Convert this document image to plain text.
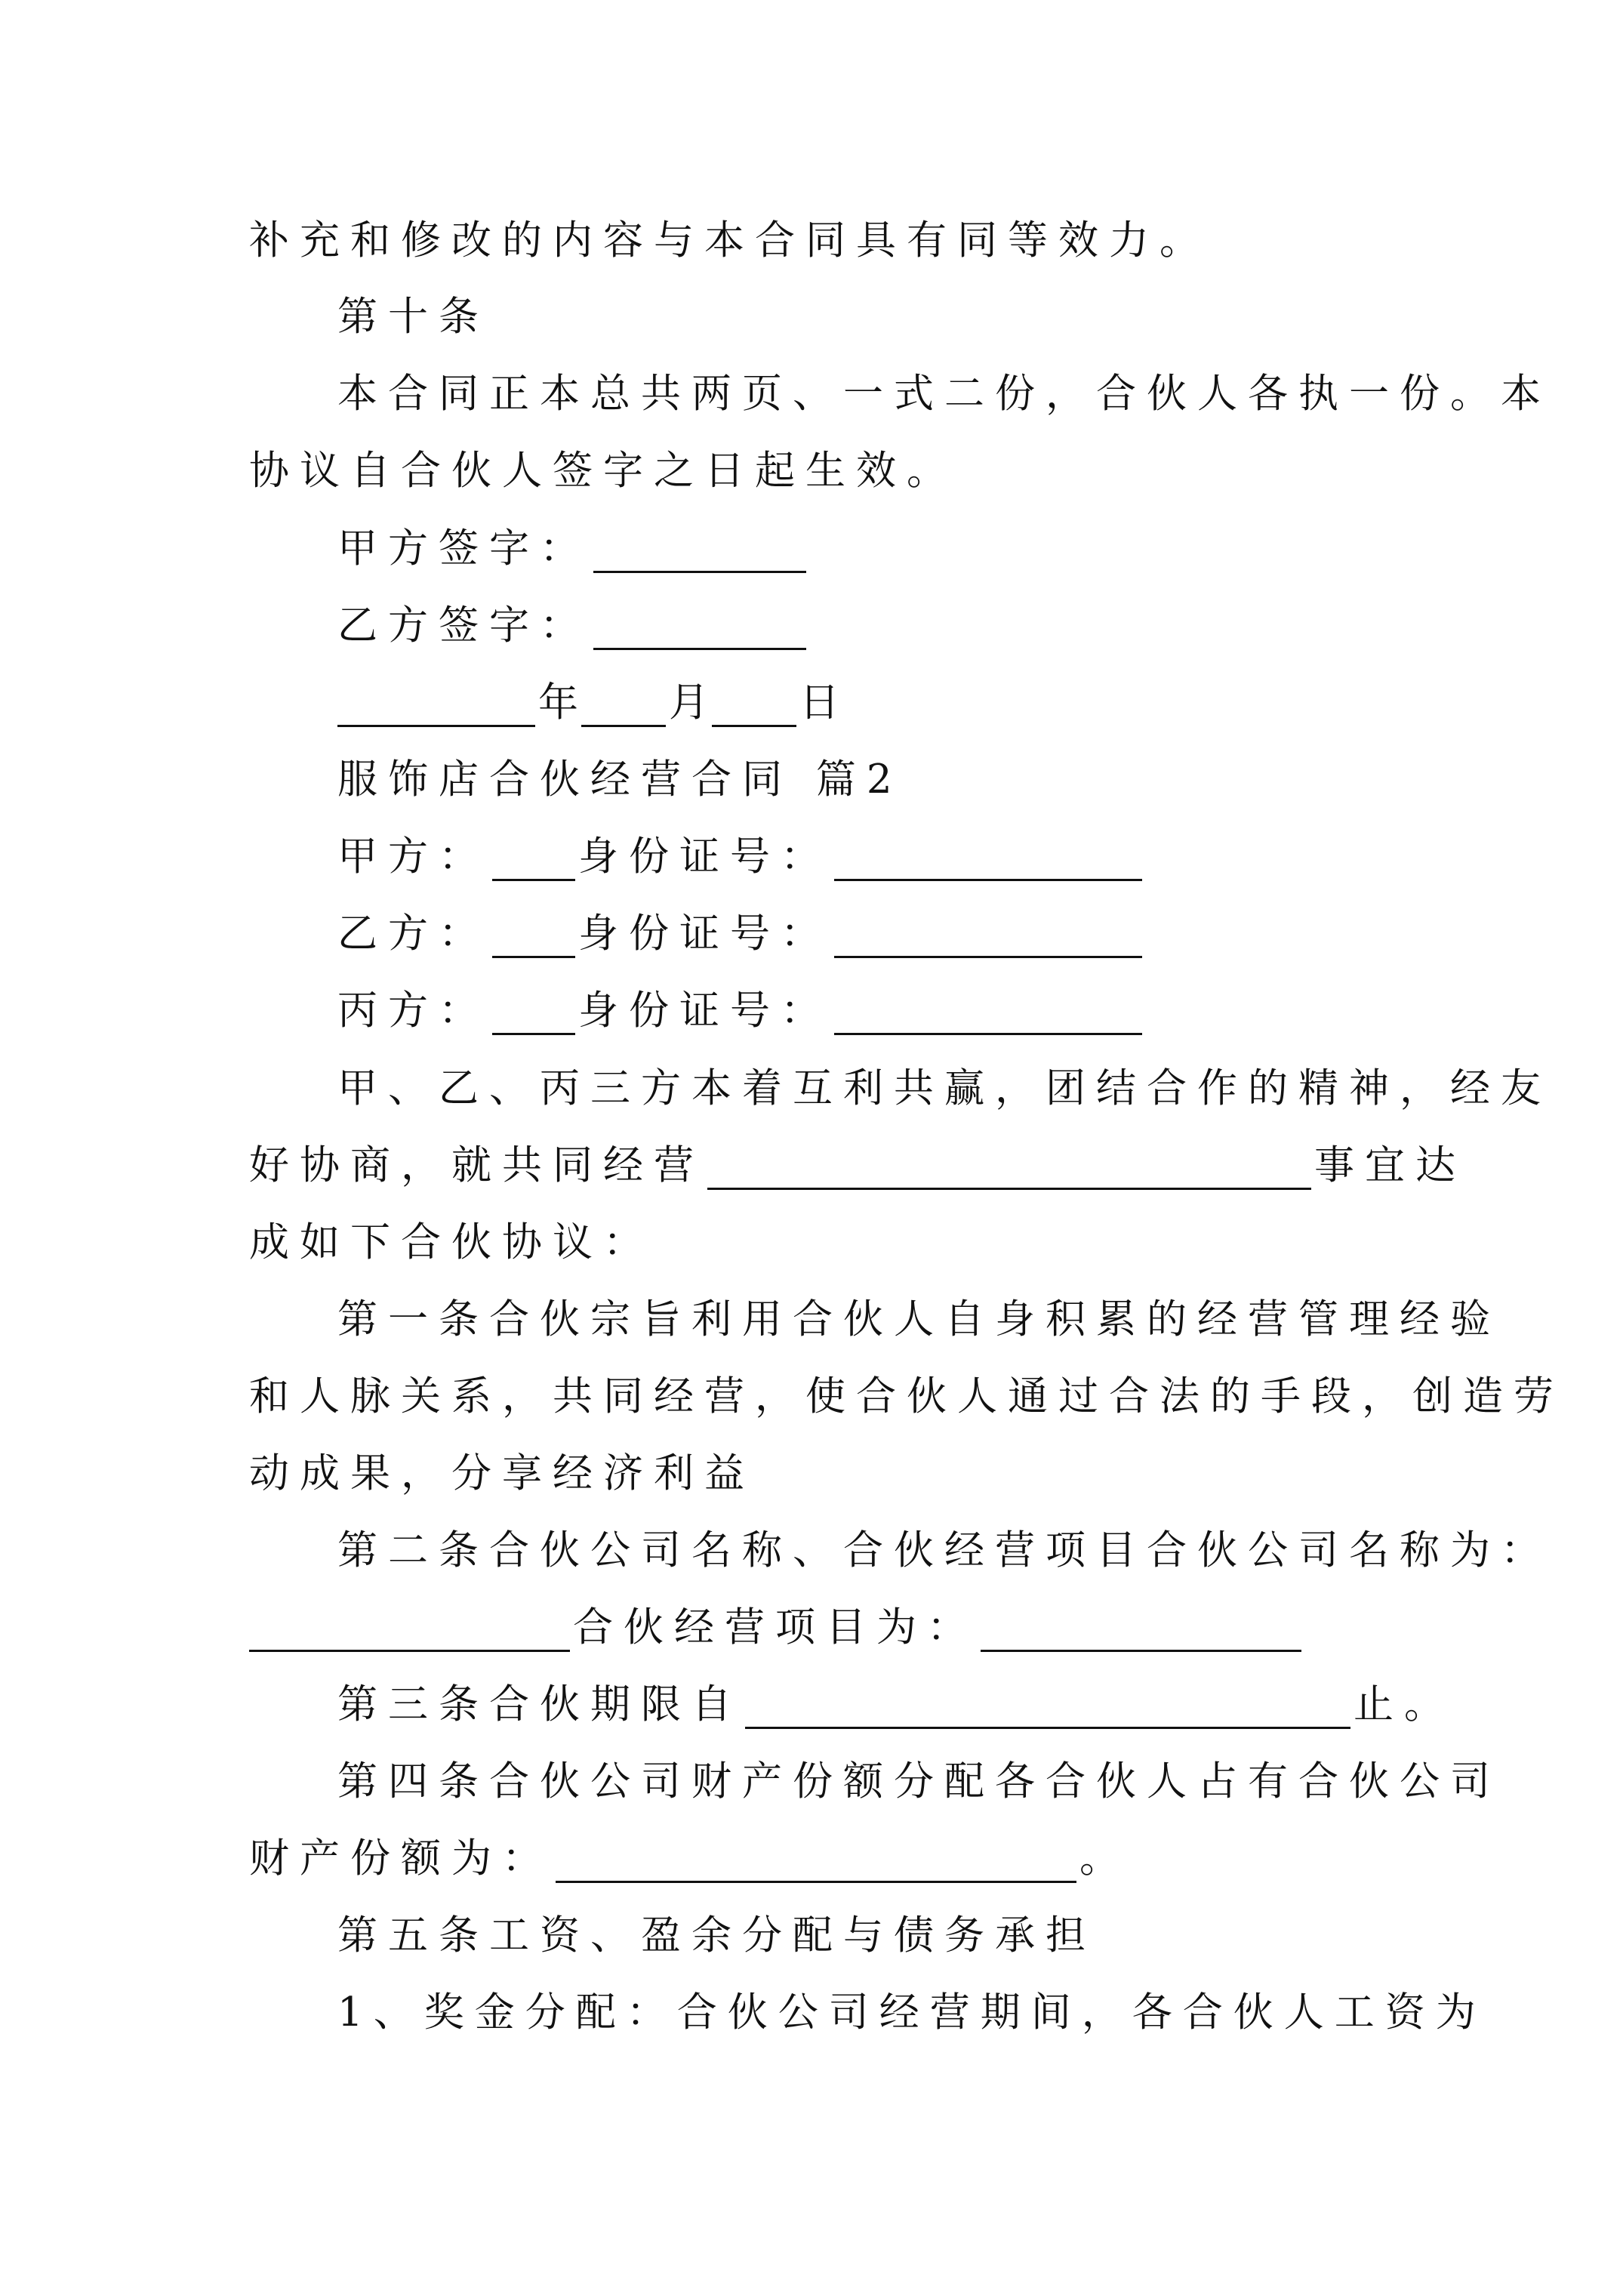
补充和修改的内容与本合同具有同等效力。
第十条
本合同正本总共两页、一式二份，合伙人各执一份。本
协议自合伙人签字之日起生效。
甲方签字：
乙方签字：
年 月 日
服饰店合伙经营合同 篇2
甲方： 身份证号：
乙方： 身份证号：
丙方： 身份证号：
甲、乙、丙三方本着互利共赢，团结合作的精神，经友
好协商，就共同经营	事宜达
成如下合伙协议：
第一条合伙宗旨利用合伙人自身积累的经营管理经验
和人脉关系，共同经营，使合伙人通过合法的手段，创造劳
动成果，分享经济利益
第二条合伙公司名称、合伙经营项目合伙公司名称为：
合伙经营项目为：
第三条合伙期限自	止。
第四条合伙公司财产份额分配各合伙人占有合伙公司
财产份额为：	。
第五条工资、盈余分配与债务承担
1、奖金分配：合伙公司经营期间，各合伙人工资为
